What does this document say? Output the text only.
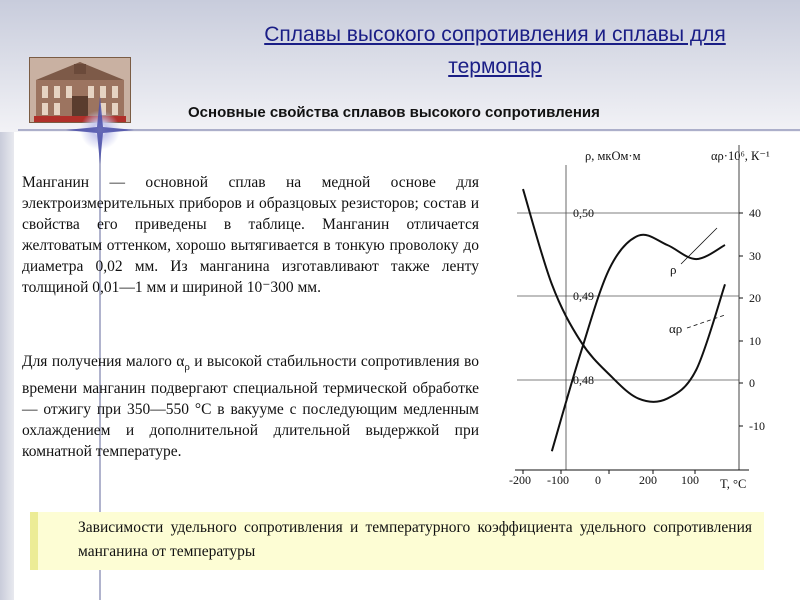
Сплавы высокого сопротивления и сплавы для термопар
Основные свойства сплавов высокого сопротивления
Манганин — основной сплав на медной основе для электроизмерительных приборов и образцовых резисторов; состав и свойства его приведены в таблице. Манганин отличается желтоватым оттенком, хорошо вытягивается в тонкую проволоку до диаметра 0,02 мм. Из манганина изготавливают также ленту толщиной 0,01—1 мм и шириной 10⁻300 мм.
Для получения малого $\alpha_\rho$ и высокой стабильности сопротивления во времени манганин подвергают специальной термической обработке — отжигу при 350—550 °С в вакууме с последующим медленным охлаждением и дополнительной длительной выдержкой при комнатной температуре.
ρ, мкОм·м	αρ·10⁶, К⁻¹
T, °С
0,50
0,49
0,48
40
30
20
10
0
-10
-200 -100 0	200 100
ρ
αρ
Зависимости удельного сопротивления и температурного коэффициента удельного сопротивления манганина от температуры
